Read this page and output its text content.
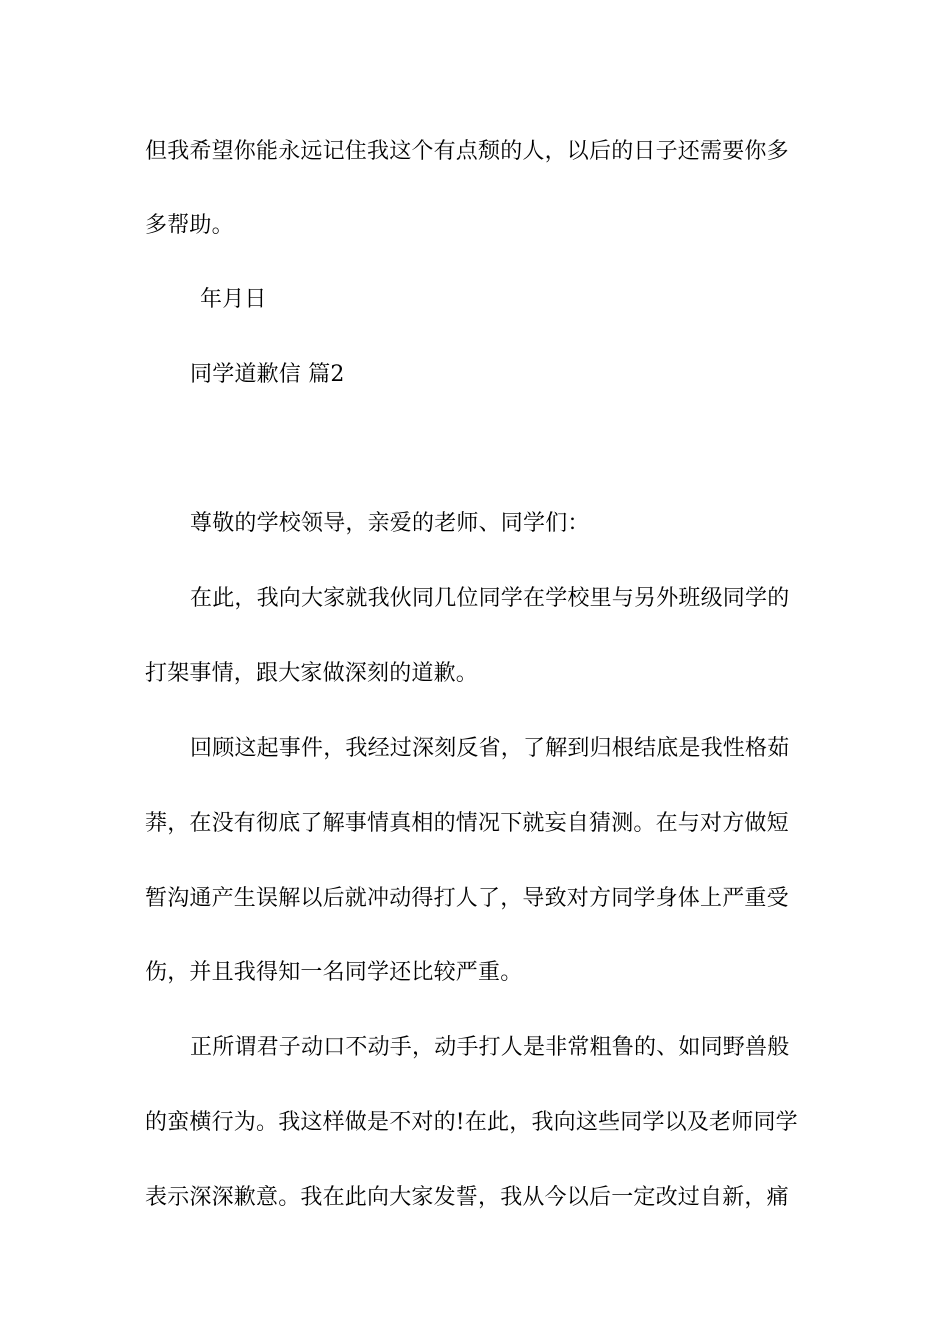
但我希望你能永远记住我这个有点颓的人，以后的日子还需要你多
多帮助。
年月日
同学道歉信 篇2
尊敬的学校领导，亲爱的老师、同学们：
在此，我向大家就我伙同几位同学在学校里与另外班级同学的
打架事情，跟大家做深刻的道歉。
回顾这起事件，我经过深刻反省，了解到归根结底是我性格茹
莽，在没有彻底了解事情真相的情况下就妄自猜测。在与对方做短
暂沟通产生误解以后就冲动得打人了，导致对方同学身体上严重受
伤，并且我得知一名同学还比较严重。
正所谓君子动口不动手，动手打人是非常粗鲁的、如同野兽般
的蛮横行为。我这样做是不对的!在此，我向这些同学以及老师同学
表示深深歉意。我在此向大家发誓，我从今以后一定改过自新，痛
